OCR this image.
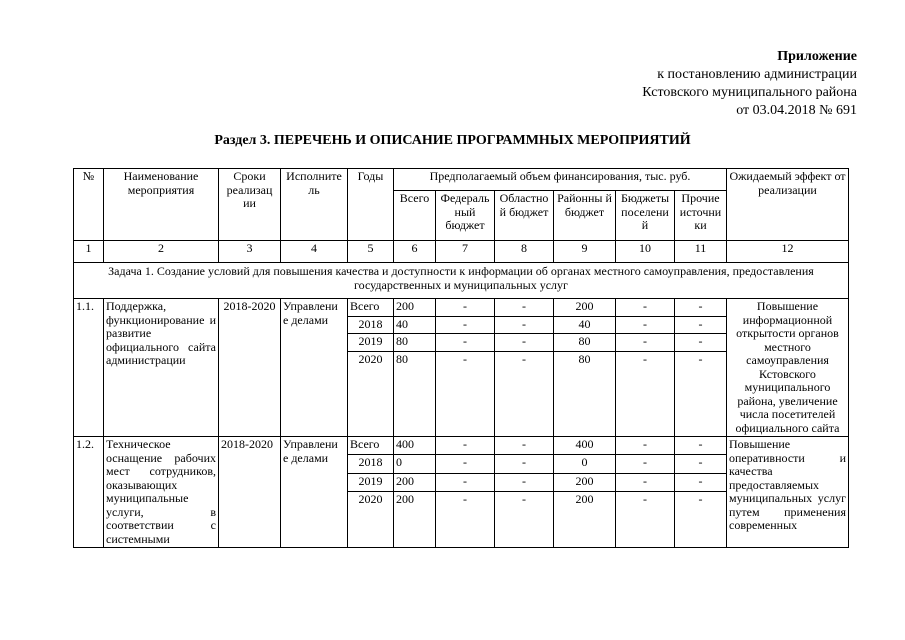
Приложение
к постановлению администрации
Кстовского муниципального района
от 03.04.2018 № 691
Раздел 3. ПЕРЕЧЕНЬ И ОПИСАНИЕ ПРОГРАММНЫХ МЕРОПРИЯТИЙ
№	Наименование мероприятия	Сроки реализац ии	Исполните ль	Годы	Предполагаемый объем финансирования, тыс. руб.						Ожидаемый эффект от реализации
					Всего	Федераль ный бюджет	Областно й бюджет	Районны й бюджет	Бюджеты поселени й	Прочие источни ки	
1	2	3	4	5	6	7	8	9	10	11	12
Задача 1. Создание условий для повышения качества и доступности к информации об органах местного самоуправления, предоставления государственных и муниципальных услуг											
1.1.	Поддержка, функционирование и развитие официального сайта администрации	2018-2020	Управлени е делами	Всего	200	-	-	200	-	-	Повышение информационной открытости органов местного самоуправления Кстовского муниципального района, увеличение числа посетителей официального сайта
				2018	40	-	-	40	-	-	
				2019	80	-	-	80	-	-	
				2020	80	-	-	80	-	-	
1.2.	Техническое оснащение рабочих мест сотрудников, оказывающих муниципальные услуги, в соответствии с системными	2018-2020	Управлени е делами	Всего	400	-	-	400	-	-	Повышение оперативности и качества предоставляемых муниципальных услуг путем применения современных
				2018	0	-	-	0	-	-	
				2019	200	-	-	200	-	-	
				2020	200	-	-	200	-	-	
